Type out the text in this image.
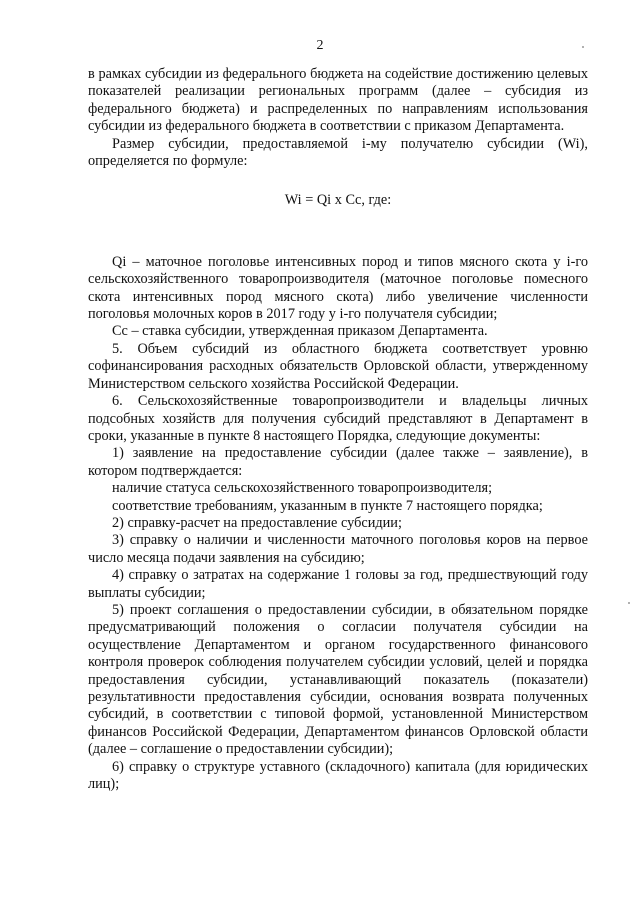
2

в рамках субсидии из федерального бюджета на содействие достижению целевых показателей реализации региональных программ (далее – субсидия из федерального бюджета) и распределенных по направлениям использования субсидии из федерального бюджета в соответствии с приказом Департамента.

Размер субсидии, предоставляемой i-му получателю субсидии (Wi), определяется по формуле:

Wi = Qi x Cc, где:

Qi – маточное поголовье интенсивных пород и типов мясного скота у i-го сельскохозяйственного товаропроизводителя (маточное поголовье помесного скота интенсивных пород мясного скота) либо увеличение численности поголовья молочных коров в 2017 году у i-го получателя субсидии;

Cc – ставка субсидии, утвержденная приказом Департамента.

5. Объем субсидий из областного бюджета соответствует уровню софинансирования расходных обязательств Орловской области, утвержденному Министерством сельского хозяйства Российской Федерации.

6. Сельскохозяйственные товаропроизводители и владельцы личных подсобных хозяйств для получения субсидий представляют в Департамент в сроки, указанные в пункте 8 настоящего Порядка, следующие документы:

1) заявление на предоставление субсидии (далее также – заявление), в котором подтверждается:

наличие статуса сельскохозяйственного товаропроизводителя;

соответствие требованиям, указанным в пункте 7 настоящего порядка;

2) справку-расчет на предоставление субсидии;

3) справку о наличии и численности маточного поголовья коров на первое число месяца подачи заявления на субсидию;

4) справку о затратах на содержание 1 головы за год, предшествующий году выплаты субсидии;

5) проект соглашения о предоставлении субсидии, в обязательном порядке предусматривающий положения о согласии получателя субсидии на осуществление Департаментом и органом государственного финансового контроля проверок соблюдения получателем субсидии условий, целей и порядка предоставления субсидии, устанавливающий показатель (показатели) результативности предоставления субсидии, основания возврата полученных субсидий, в соответствии с типовой формой, установленной Министерством финансов Российской Федерации, Департаментом финансов Орловской области (далее – соглашение о предоставлении субсидии);

6) справку о структуре уставного (складочного) капитала (для юридических лиц);
